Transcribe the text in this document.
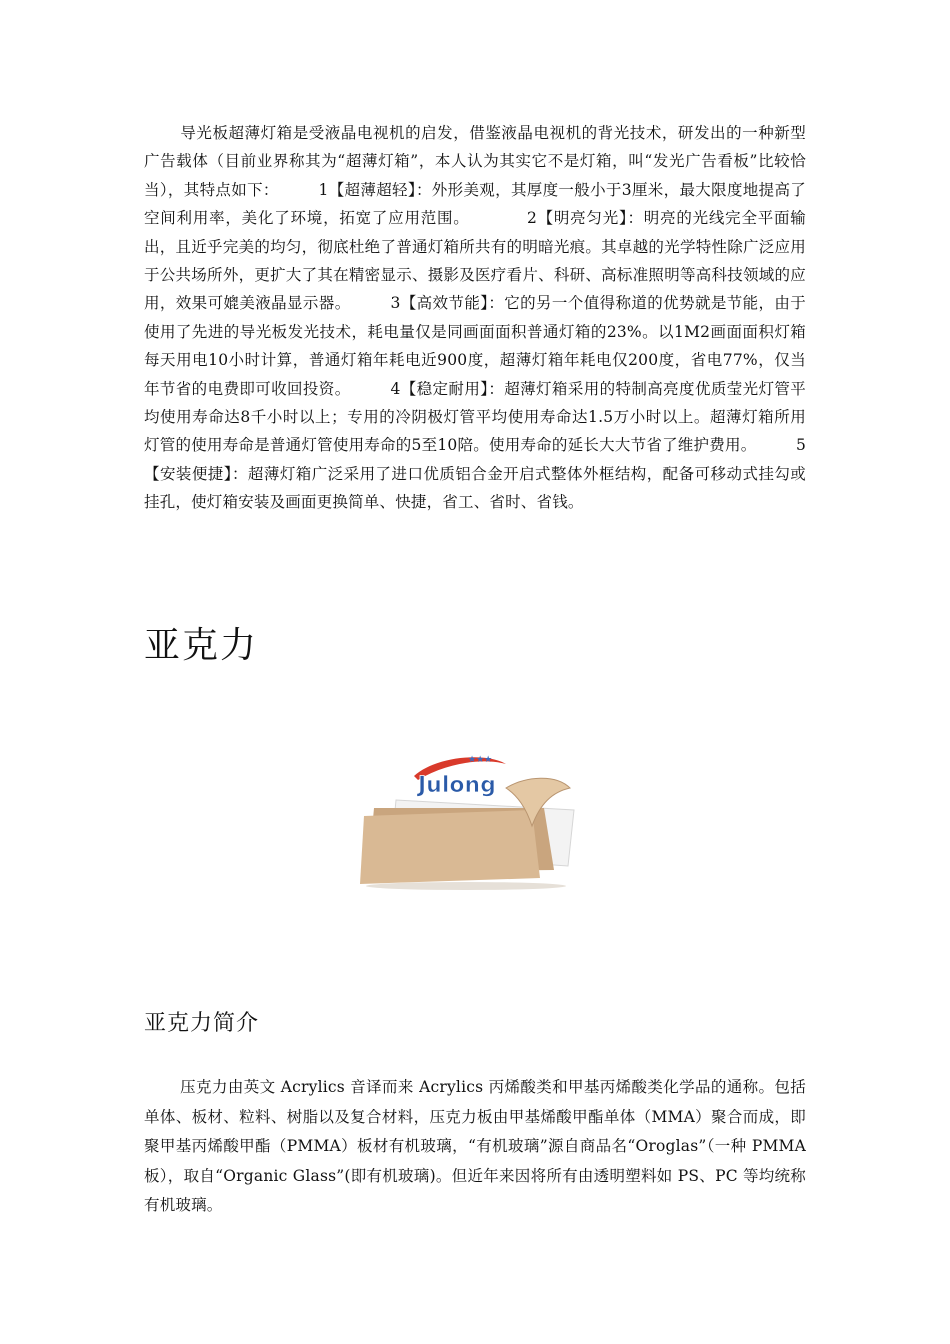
导光板超薄灯箱是受液晶电视机的启发，借鉴液晶电视机的背光技术，研发出的一种新型广告载体（目前业界称其为“超薄灯箱”，本人认为其实它不是灯箱，叫“发光广告看板”比较恰当），其特点如下：　　　1【超薄超轻】：外形美观，其厚度一般小于3厘米，最大限度地提高了空间利用率，美化了环境，拓宽了应用范围。　　　　2【明亮匀光】：明亮的光线完全平面输出，且近乎完美的均匀，彻底杜绝了普通灯箱所共有的明暗光痕。其卓越的光学特性除广泛应用于公共场所外，更扩大了其在精密显示、摄影及医疗看片、科研、高标准照明等高科技领域的应用，效果可媲美液晶显示器。　　　3【高效节能】：它的另一个值得称道的优势就是节能，由于使用了先进的导光板发光技术，耗电量仅是同画面面积普通灯箱的23%。以1M2画面面积灯箱每天用电10小时计算，普通灯箱年耗电近900度，超薄灯箱年耗电仅200度，省电77%，仅当年节省的电费即可收回投资。　　　4【稳定耐用】：超薄灯箱采用的特制高亮度优质莹光灯管平均使用寿命达8千小时以上；专用的冷阴极灯管平均使用寿命达1.5万小时以上。超薄灯箱所用灯管的使用寿命是普通灯管使用寿命的5至10陪。使用寿命的延长大大节省了维护费用。　　　5【安装便捷】：超薄灯箱广泛采用了进口优质铝合金开启式整体外框结构，配备可移动式挂勾或挂孔，使灯箱安装及画面更换简单、快捷，省工、省时、省钱。

亚克力
★★★
Julong
亚克力简介

压克力由英文 Acrylics 音译而来 Acrylics 丙烯酸类和甲基丙烯酸类化学品的通称。包括单体、板材、粒料、树脂以及复合材料，压克力板由甲基烯酸甲酯单体（MMA）聚合而成，即聚甲基丙烯酸甲酯（PMMA）板材有机玻璃，“有机玻璃”源自商品名“Oroglas”（一种 PMMA 板），取自“Organic Glass”(即有机玻璃)。但近年来因将所有由透明塑料如 PS、PC 等均统称有机玻璃。
